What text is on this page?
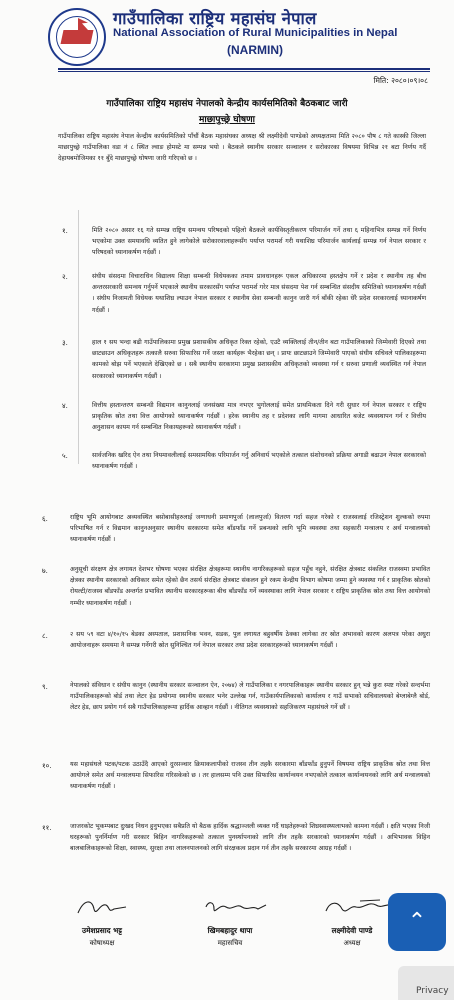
गाउँपालिका राष्ट्रिय महासंघ नेपाल
National Association of Rural Municipalities in Nepal
(NARMIN)
मिति: २०८०।०९।०८
गाउँपालिका राष्ट्रिय महासंघ नेपालको केन्द्रीय कार्यसमितिको बैठकबाट जारी
माछापुच्छ्रे घोषणा
गाउँपालिका राष्ट्रिय महासंघ नेपाल केन्द्रीय कार्यसमितिको पाँचौं बैठक महासंघका अध्यक्ष श्री लक्ष्मीदेवी पाण्डेको अध्यक्षतामा मिति २०८० पौष ८ गते कास्की जिल्ला माछापुच्छ्रे गाउँपालिका वडा नं ८ स्थित ल्वाङ होमस्टे मा सम्पन्न भयो । बैठकले स्थानीय सरकार सञ्चालन र सरोकारका विषयमा विभिन्न २१ बटा निर्णय गर्दै देहायबमोजिमका ११ बुँदे माछापुच्छ्रे घोषणा जारी गरिएको छ ।
१.	मिति २०८० असार १६ गते सम्पन्न राष्ट्रिय समन्वय परिषदको पहिलो बैठकले कार्यविस्तृतीकरण परिमार्जन गर्ने तथा ६ महिनाभित्र सम्पन्न गर्ने निर्णय भएकोमा उक्त समयावधि व्यतित हुने लागेकोले सरोकारवालाहरूसँग पर्याप्त परामर्श गरी यथाशिघ्र परिमार्जन कार्यलाई सम्पन्न गर्न नेपाल सरकार र परिषदको ध्यानाकर्षण गर्दछौं ।
२.	संघीय संसदमा विचाराधिन विद्यालय शिक्षा सम्बन्धी विधेयकका तमाम प्रावधानहरू एकल अधिकारमा हस्तक्षेप गर्ने र प्रदेश र स्थानीय तह बीच अन्तरसरकारी समन्वय गर्नुपर्ने भएकाले स्थानीय सरकारसँग पर्याप्त परामर्श गरेर मात्र संसदमा पेश गर्न सम्बन्धित संसदीय समितिको ध्यानाकर्षण गर्दछौं । संघीय निजामती विधेयक यथाशिघ्र ल्याउन नेपाल सरकार र स्थानीय सेवा सम्बन्धी कानुन जारी गर्न बाँकी रहेका धेरै प्रदेश सरकारलाई ध्यानाकर्षण गर्दछौं ।
३.	हाल १ सय भन्दा बढी गाउँपालिकामा प्रमुख प्रशासकीय अधिकृत रिक्त रहेको, एउटै व्यक्तिलाई तीन/तीन बटा गाउँपालिकाको जिम्मेवारी दिएको तथा छाटछाउन अधिकृतहरू तत्कालै सरुवा सिफारिस गर्ने जस्ता कार्यहरू भैरहेका छन् । प्रायः छाटछाउने जिम्मेवारी पाएको संघीय सचिवले पालिकाहरूमा कामको बोझ पर्ने भएकाले देखिएको छ । सबै स्थानीय सरकारमा प्रमुख प्रशासकीय अधिकृतको व्यवस्था गर्न र सरुवा प्रणाली व्यवस्थित गर्न नेपाल सरकारको ध्यानाकर्षण गर्दछौं ।
४.	वित्तीय हस्तान्तरण सम्बन्धी विद्यमान कानुनलाई जनसंख्या मात्र नभएर भुगोललाई समेत प्राथमिकता दिने गरी सुधार गर्न नेपाल सरकार र राष्ट्रिय प्राकृतिक स्रोत तथा वित्त आयोगको ध्यानाकर्षण गर्दछौं । हरेक स्थानीय तह र प्रदेशका लागि मागमा आधारित बजेट व्यवस्थापन गर्न र वित्तीय अनुशासन कायम गर्न सम्बन्धित निकायहरूको ध्यानाकर्षण गर्दछौं ।
५.	सार्वजनिक खरिद ऐन तथा नियमावलीलाई समसामयिक परिमार्जन गर्नु अनिवार्य भएकोले तत्काल संशोधनको प्रक्रिया अगाडी बढाउन नेपाल सरकारको ध्यानाकर्षण गर्दछौं ।
६.	राष्ट्रिय भूमि आयोगबाट अव्यवस्थित बसोबासीहरुलाई जग्गाधनी प्रमाणपुर्जा (लालपुर्जा) वितरण गर्दा सहज गरेको र राजस्वलाई रजिस्ट्रेशन शुल्कको रुपमा परिभाषित गर्न र विद्यमान कानुनअनुसार स्थानीय सरकारमा समेत बाँडफाँड गर्ने प्रबन्धको लागि भूमि व्यवस्था तथा सहकारी मन्त्रालय र अर्थ मन्त्रालयको ध्यानाकर्षण गर्दछौं ।
७.	अनुसूची संरक्षण क्षेत्र लगायत देशभर घोषणा भएका संरक्षित क्षेत्रहरूमा स्थानीय नागरिकहरूको सहज पहुँच नहुने, संरक्षित क्षेत्रबाट संकलित राजस्वमा प्रभावित क्षेत्रका स्थानीय सरकारको अधिकार समेत रहेको छैन तसर्थ संरक्षित क्षेत्रबाट संकलन हुने रकम केन्द्रीय विभाग कोषमा जम्मा हुने व्यवस्था गर्न र प्राकृतिक स्रोतको रोयल्टी/राजस्व बाँडफाँड अन्तर्गत प्रभावित स्थानीय सरकारहरूका बीच बाँडफाँड गर्ने व्यवस्थाका लागि नेपाल सरकार र राष्ट्रिय प्राकृतिक स्रोत तथा वित्त आयोगको गम्भीर ध्यानाकर्षण गर्दछौं ।
८.	२ सय ५९ वटा ४/१०/१५ बेडका अस्पताल, प्रशासनिक भवन, सडक, पुल लगायत बहुवर्षीय ठेक्का लागेका तर स्रोत अभावको कारण अलपत्र परेका अधुरा आयोजनाहरू समयमा नै सम्पन्न गर्नेगरी स्रोत सुनिश्चित गर्न नेपाल सरकार तथा प्रदेश सरकारहरूको ध्यानाकर्षण गर्दछौं ।
९.	नेपालको संविधान र संघीय कानुन (स्थानीय सरकार सञ्चालन ऐन, २०७४) ले गाउँपालिका र नगरपालिकाहरू स्थानीय सरकार हुन् भन्ने कुरा स्पष्ट गरेको सन्दर्भमा गाउँपालिकाहरूको बोर्ड तथा लेटर हेड प्रयोगमा स्थानीय सरकार भनेर उल्लेख गर्न, गाउँकार्यपालिकाको कार्यालय र गाउँ सभाको सचिवालयको बेग्लाबेग्लै बोर्ड, लेटर हेड, छाप प्रयोग गर्न सबै गाउँपालिकाहरूमा हार्दिक आव्हान गर्दछौं । नीतिगत व्यवस्थाको सहजिकरण महासंघले गर्ने छौं ।
१०.	यस महासंघले पटक/पटक उठाउँदै आएको दुरसञ्चार क्रियाकलापीको राजस्व तीन तहकै सरकारमा बाँडफाँड हुनुपर्ने विषयमा राष्ट्रिय प्राकृतिक स्रोत तथा वित्त आयोगले समेत अर्थ मन्त्रालयमा सिफारिस गरिसकेको छ । तर हालसम्म पनि उक्त सिफारिस कार्यान्वयन नभएकोले तत्काल कार्यान्वयनको लागि अर्थ मन्त्रालयको ध्यानाकर्षण गर्दछौं ।
११.	जाजरकोट भूकम्पबाट दुःखद निधन हुनुभएका सबैप्रति यो बैठक हार्दिक श्रद्धाञ्जली व्यक्त गर्दै घाइतेहरूको शिघ्रस्वास्थ्यलाभको कामना गर्दछौं । क्षति भएका निजी घरहरूको पुनर्निर्माण गरी सरकार बिहिन नागरिकहरूको तत्काल पुनर्स्थापनाको लागि तीन तहकै सरकारको ध्यानाकर्षण गर्दछौं । अभिभावक विहिन बालबालिकाहरूको शिक्षा, स्वास्थ्य, सुरक्षा तथा लालनपालनको लागि संरक्षकत्व प्रदान गर्न तीन तहकै सरकारमा आग्रह गर्दछौं ।
उमेशप्रसाद भट्ट
कोषाध्यक्ष
खिमबहादुर थापा
महासचिव
लक्ष्मीदेवी पाण्डे
अध्यक्ष
⌃
Privacy
